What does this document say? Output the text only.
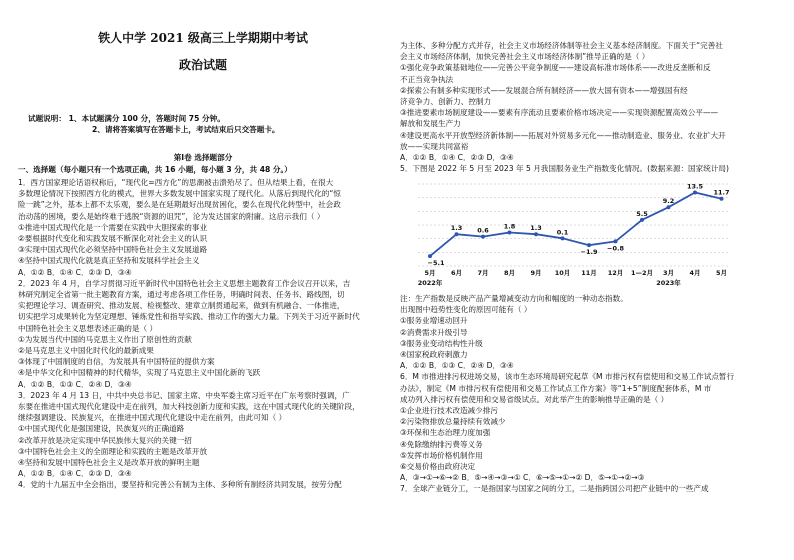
铁人中学 2021 级高三上学期期中考试
政治试题
试题说明： 1、本试题满分 100 分，答题时间 75 分钟。
2、请将答案填写在答题卡上，考试结束后只交答题卡。
第Ⅰ卷 选择题部分
一、选择题（每小题只有一个选项正确，共 16 小题，每小题 3 分，共 48 分。）
1．西方国家理论话语权称后，“现代化=西方化”的思潮被击溃殆尽了。但从结果上看，在很大
多数理论情况下按照西方化的模式，世界大多数发展中国家实现了现代化。从落后到现代化的“惊
险一跳”之外，基本上都不太乐观，要么是在延期最好出现贫困化，要么在现代化转型中，社会政
治动荡的困境，要么是始终难于逃脱“资源的诅咒”，沦为发达国家的附庸。这启示我们（ ）
①推进中国式现代化是一个需要在实践中大胆探索的事业
②要根据时代变化和实践发展不断深化对社会主义的认识
③实现中国式现代化必须坚持中国特色社会主义发展道路
④坚持中国式现代化就是真正坚持和发展科学社会主义
A．①② B．①④ C．②③ D．③④
2．2023 年 4 月，自学习贯彻习近平新时代中国特色社会主义思想主题教育工作会议召开以来，吉
林研究制定全省第一批主题教育方案，通过考虑各项工作任务，明确时间表、任务书、路线图，切
实把理论学习、调查研究、推动发展、检视整改、建章立制贯通起来，做到有机融合、一体推进，
切实把学习成果转化为坚定理想、锤炼党性和指导实践、推动工作的强大力量。下列关于习近平新时代
中国特色社会主义思想表述正确的是（ ）
①为发展当代中国的马克思主义作出了原创性的贡献
②是马克思主义中国化时代化的最新成果
③体现了中国制度的自信，为发展具有中国特征的提供方案
④是中华文化和中国精神的时代精华，实现了马克思主义中国化新的飞跃
A．①② B．①③ C．②④ D．③④
3．2023 年 4 月 13 日，中共中央总书记、国家主席、中央军委主席习近平在广东考察时强调，广
东要在推进中国式现代化建设中走在前列，加大科技创新力度和实践，这在中国式现代化的关键阶段，
继续强调建设、民族复兴，在推进中国式现代化建设中走在前列，由此可知（ ）
①中国式现代化是强国建设，民族复兴的正确道路
②改革开放是决定实现中华民族伟大复兴的关键一招
③中国特色社会主义的全面理论和实践的主题是改革开放
④坚持和发展中国特色社会主义是改革开放的鲜明主题
A．①② B．①④ C．②③ D．③④
4．党的十九届五中全会指出，要坚持和完善公有制为主体、多种所有制经济共同发展，按劳分配
为主体、多种分配方式并存，社会主义市场经济体制等社会主义基本经济制度。下面关于“完善社
会主义市场经济体制，加快完善社会主义市场经济体制”推导正确的是（ ）
①强化竞争政策基础地位——完善公平竞争制度——建设高标准市场体系——改进反垄断和反
不正当竞争执法
②探索公有制多种实现形式——发展混合所有制经济——放大国有资本——增强国有经
济竞争力、创新力、控制力
③推进要素市场制度建设——要素有序流动且要素价格市场决定——实现资源配置高效公平——
解放和发展生产力
④建设更高水平开放型经济新体制——拓展对外贸易多元化——推动制造业、服务业、农业扩大开
放——实现共同富裕
A．①② B．①④ C．②③ D．③④
5．下图是 2022 年 5 月至 2023 年 5 月我国服务业生产指数变化情况。(数据来源：国家统计局)
−5.1
1.3 0.6
1.8 1.3
0.1
−1.9 −0.8
5.5
9.2
13.5
11.7
5月 6月 7月 8月 9月 10月 11月 12月 1—2月 3月 4月 5月
2022年	2023年
注：生产指数是反映产品产量增减变动方向和幅度的一种动态指数。
出现图中趋势性变化的原因可能有（ ）
①服务业增速动回升
②消费需求升级引导
③服务业变动结构性升级
④国家税政府刺激力
A．①② B．①③ C．②④ D．③④
6．M 市推进排污权进场交易，该市生态环境局研究起草《M 市排污权有偿使用和交易工作试点暂行
办法》，制定《M 市排污权有偿使用和交易工作试点工作方案》等“1+5”制度配套体系，M 市
成功列入排污权有偿使用和交易省级试点。对此举产生的影响推导正确的是（ ）
①企业进行技术改造减少排污
②污染物排放总量持续有效减少
③环保和生态治理力度加强
④免除缴纳排污费等义务
⑤发挥市场价格机制作用
⑥交易价格由政府决定
A．③→①→⑥→② B．⑤→④→③→① C．⑥→⑤→①→② D．⑤→①→②→③
7．全球产业链分工，一是指国家与国家之间的分工，二是指跨国公司把产业链中的一些产成
